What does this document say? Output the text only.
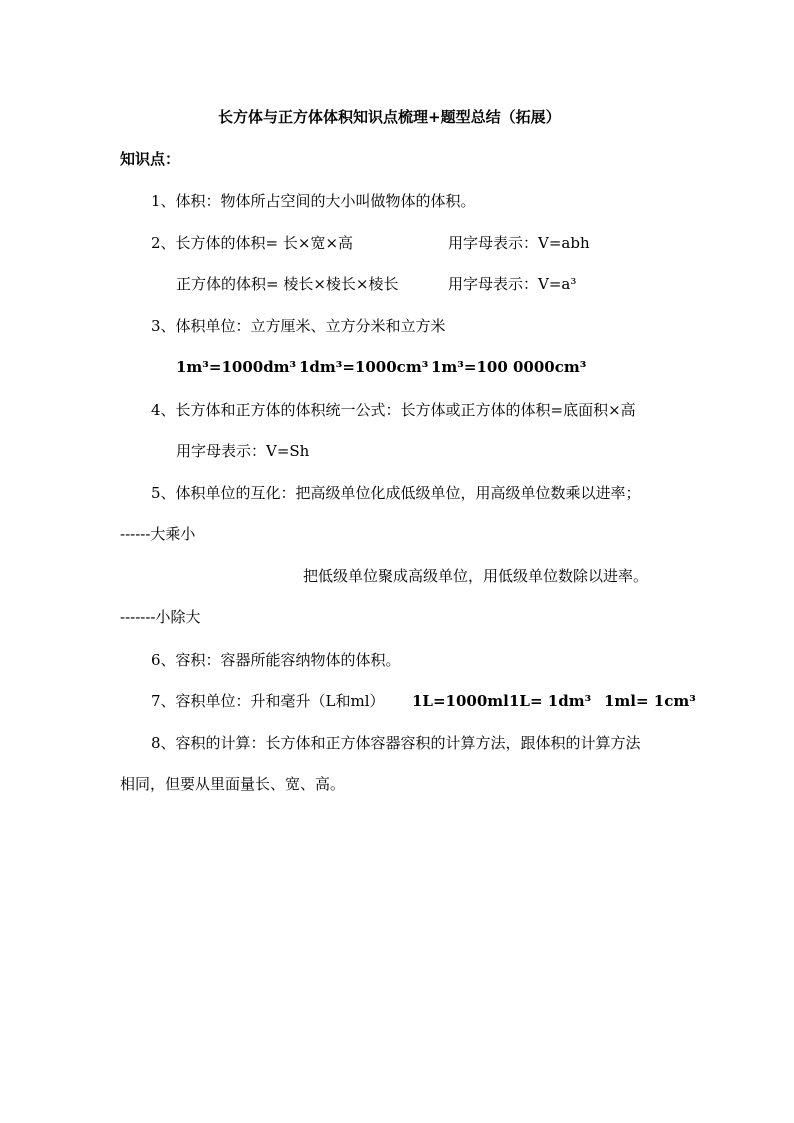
长方体与正方体体积知识点梳理+题型总结（拓展）
知识点：
1、体积：物体所占空间的大小叫做物体的体积。
2、长方体的体积= 长×宽×高	用字母表示：V=abh
正方体的体积= 棱长×棱长×棱长	用字母表示：V=a³
3、体积单位：立方厘米、立方分米和立方米
1m³=1000dm³ 1dm³=1000cm³ 1m³=100 0000cm³
4、长方体和正方体的体积统一公式：长方体或正方体的体积=底面积×高
用字母表示：V=Sh
5、体积单位的互化：把高级单位化成低级单位，用高级单位数乘以进率；
------大乘小
把低级单位聚成高级单位，用低级单位数除以进率。
-------小除大
6、容积：容器所能容纳物体的体积。
7、容积单位：升和毫升（L和ml） 1L=1000ml 1L= 1dm³ 1ml= 1cm³
8、容积的计算：长方体和正方体容器容积的计算方法，跟体积的计算方法
相同，但要从里面量长、宽、高。
